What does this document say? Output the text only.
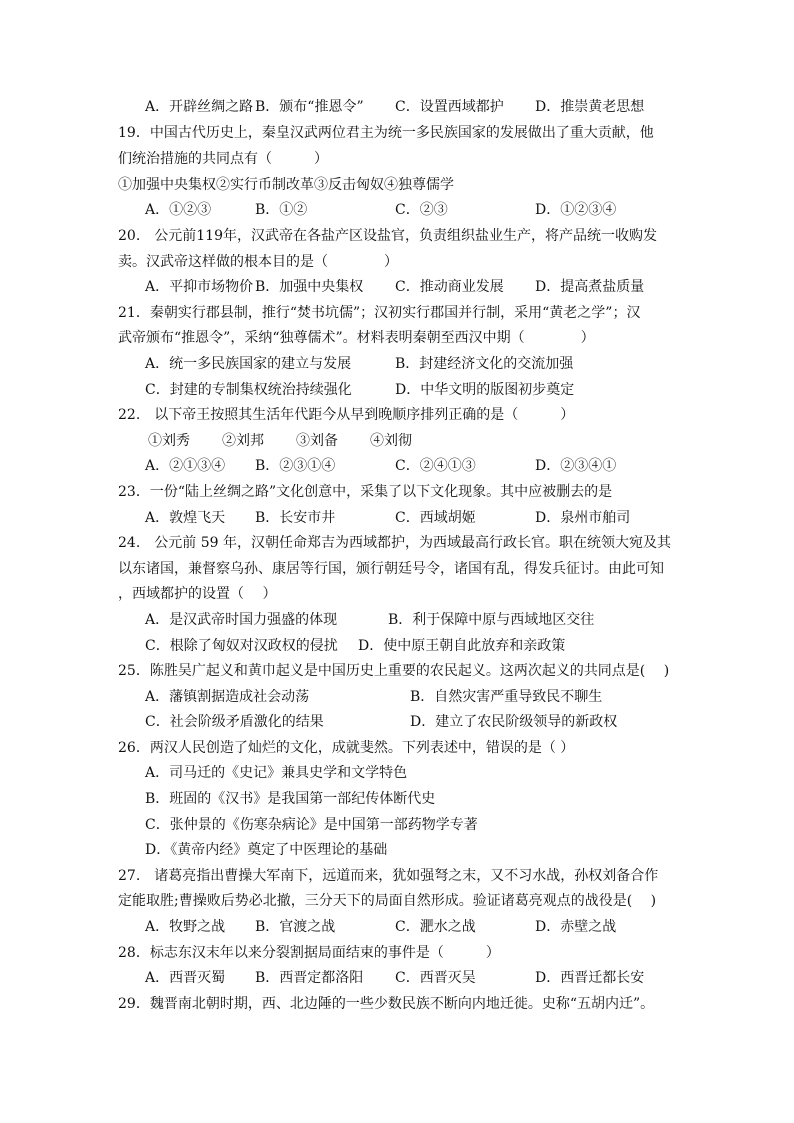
A．开辟丝绸之路 B．颁布“推恩令” C．设置西域都护 D．推崇黄老思想
19．中国古代历史上，秦皇汉武两位君主为统一多民族国家的发展做出了重大贡献，他
们统治措施的共同点有（　　　）
①加强中央集权②实行币制改革③反击匈奴④独尊儒学
A．①②③	B．①②	C．②③	D．①②③④
20.　公元前119年，汉武帝在各盐产区设盐官，负责组织盐业生产，将产品统一收购发
卖。汉武帝这样做的根本目的是（　　　　）
A．平抑市场物价 B．加强中央集权 C．推动商业发展 D．提高煮盐质量
21．秦朝实行郡县制，推行“焚书坑儒”；汉初实行郡国并行制，采用“黄老之学”；汉
武帝颁布“推恩令”，采纳“独尊儒术”。材料表明秦朝至西汉中期（　　　　）
A．统一多民族国家的建立与发展	B．封建经济文化的交流加强
C．封建的专制集权统治持续强化	D．中华文明的版图初步奠定
22.　以下帝王按照其生活年代距今从早到晚顺序排列正确的是（　　　）
①刘秀 ②刘邦 ③刘备 ④刘彻
A．②①③④ B．②③①④	C．②④①③	D．②③④①
23．一份“陆上丝绸之路”文化创意中，采集了以下文化现象。其中应被删去的是
A．敦煌飞天 B．长安市井	C．西域胡姬	D．泉州市舶司
24.　公元前 59 年，汉朝任命郑吉为西域都护，为西域最高行政长官。职在统领大宛及其
以东诸国，兼督察乌孙、康居等行国，颁行朝廷号令，诸国有乱，得发兵征讨。由此可知
，西域都护的设置（　 ）
A．是汉武帝时国力强盛的体现	B．利于保障中原与西域地区交往
C．根除了匈奴对汉政权的侵扰 D．使中原王朝自此放弃和亲政策
25．陈胜吴广起义和黄巾起义是中国历史上重要的农民起义。这两次起义的共同点是(　 )
A．藩镇割据造成社会动荡	B．自然灾害严重导致民不聊生
C．社会阶级矛盾激化的结果	D．建立了农民阶级领导的新政权
26．两汉人民创造了灿烂的文化，成就斐然。下列表述中，错误的是（ ）
A．司马迁的《史记》兼具史学和文学特色
B．班固的《汉书》是我国第一部纪传体断代史
C．张仲景的《伤寒杂病论》是中国第一部药物学专著
D．《黄帝内经》奠定了中医理论的基础
27.　诸葛亮指出曹操大军南下，远道而来，犹如强弩之末，又不习水战，孙权刘备合作
定能取胜;曹操败后势必北撤，三分天下的局面自然形成。验证诸葛亮观点的战役是(　 )
A．牧野之战 B．官渡之战	C．淝水之战	D．赤壁之战
28．标志东汉末年以来分裂割据局面结束的事件是（　　　）
A．西晋灭蜀 B．西晋定都洛阳 C．西晋灭吴	D．西晋迁都长安
29．魏晋南北朝时期，西、北边陲的一些少数民族不断向内地迁徙。史称“五胡内迁”。
